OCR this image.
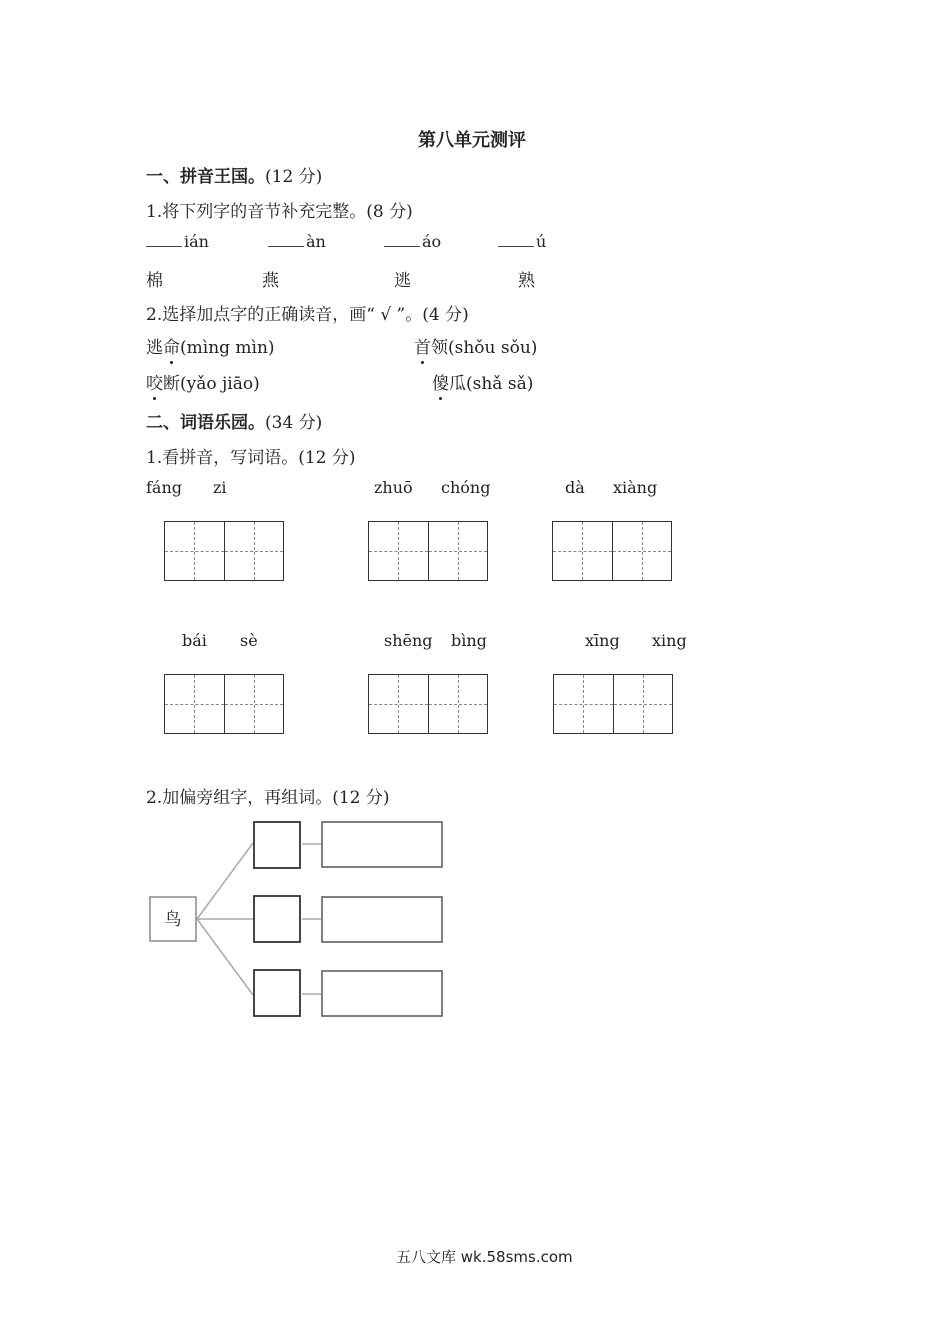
第八单元测评
一、拼音王国。(12 分)
1.将下列字的音节补充完整。(8 分)
ián	àn	áo	ú
棉	燕	逃	熟
2.选择加点字的正确读音，画“ √ ”。(4 分)
逃命(mìng mìn)	首领(shǒu sǒu)
咬断(yǎo jiāo)	傻瓜(shǎ sǎ)
二、词语乐园。(34 分)
1.看拼音，写词语。(12 分)
fáng zi	zhuō chóng	dà xiàng
bái sè	shēng bìng	xīng xing
2.加偏旁组字，再组词。(12 分)
鸟
五八文库 wk.58sms.com
